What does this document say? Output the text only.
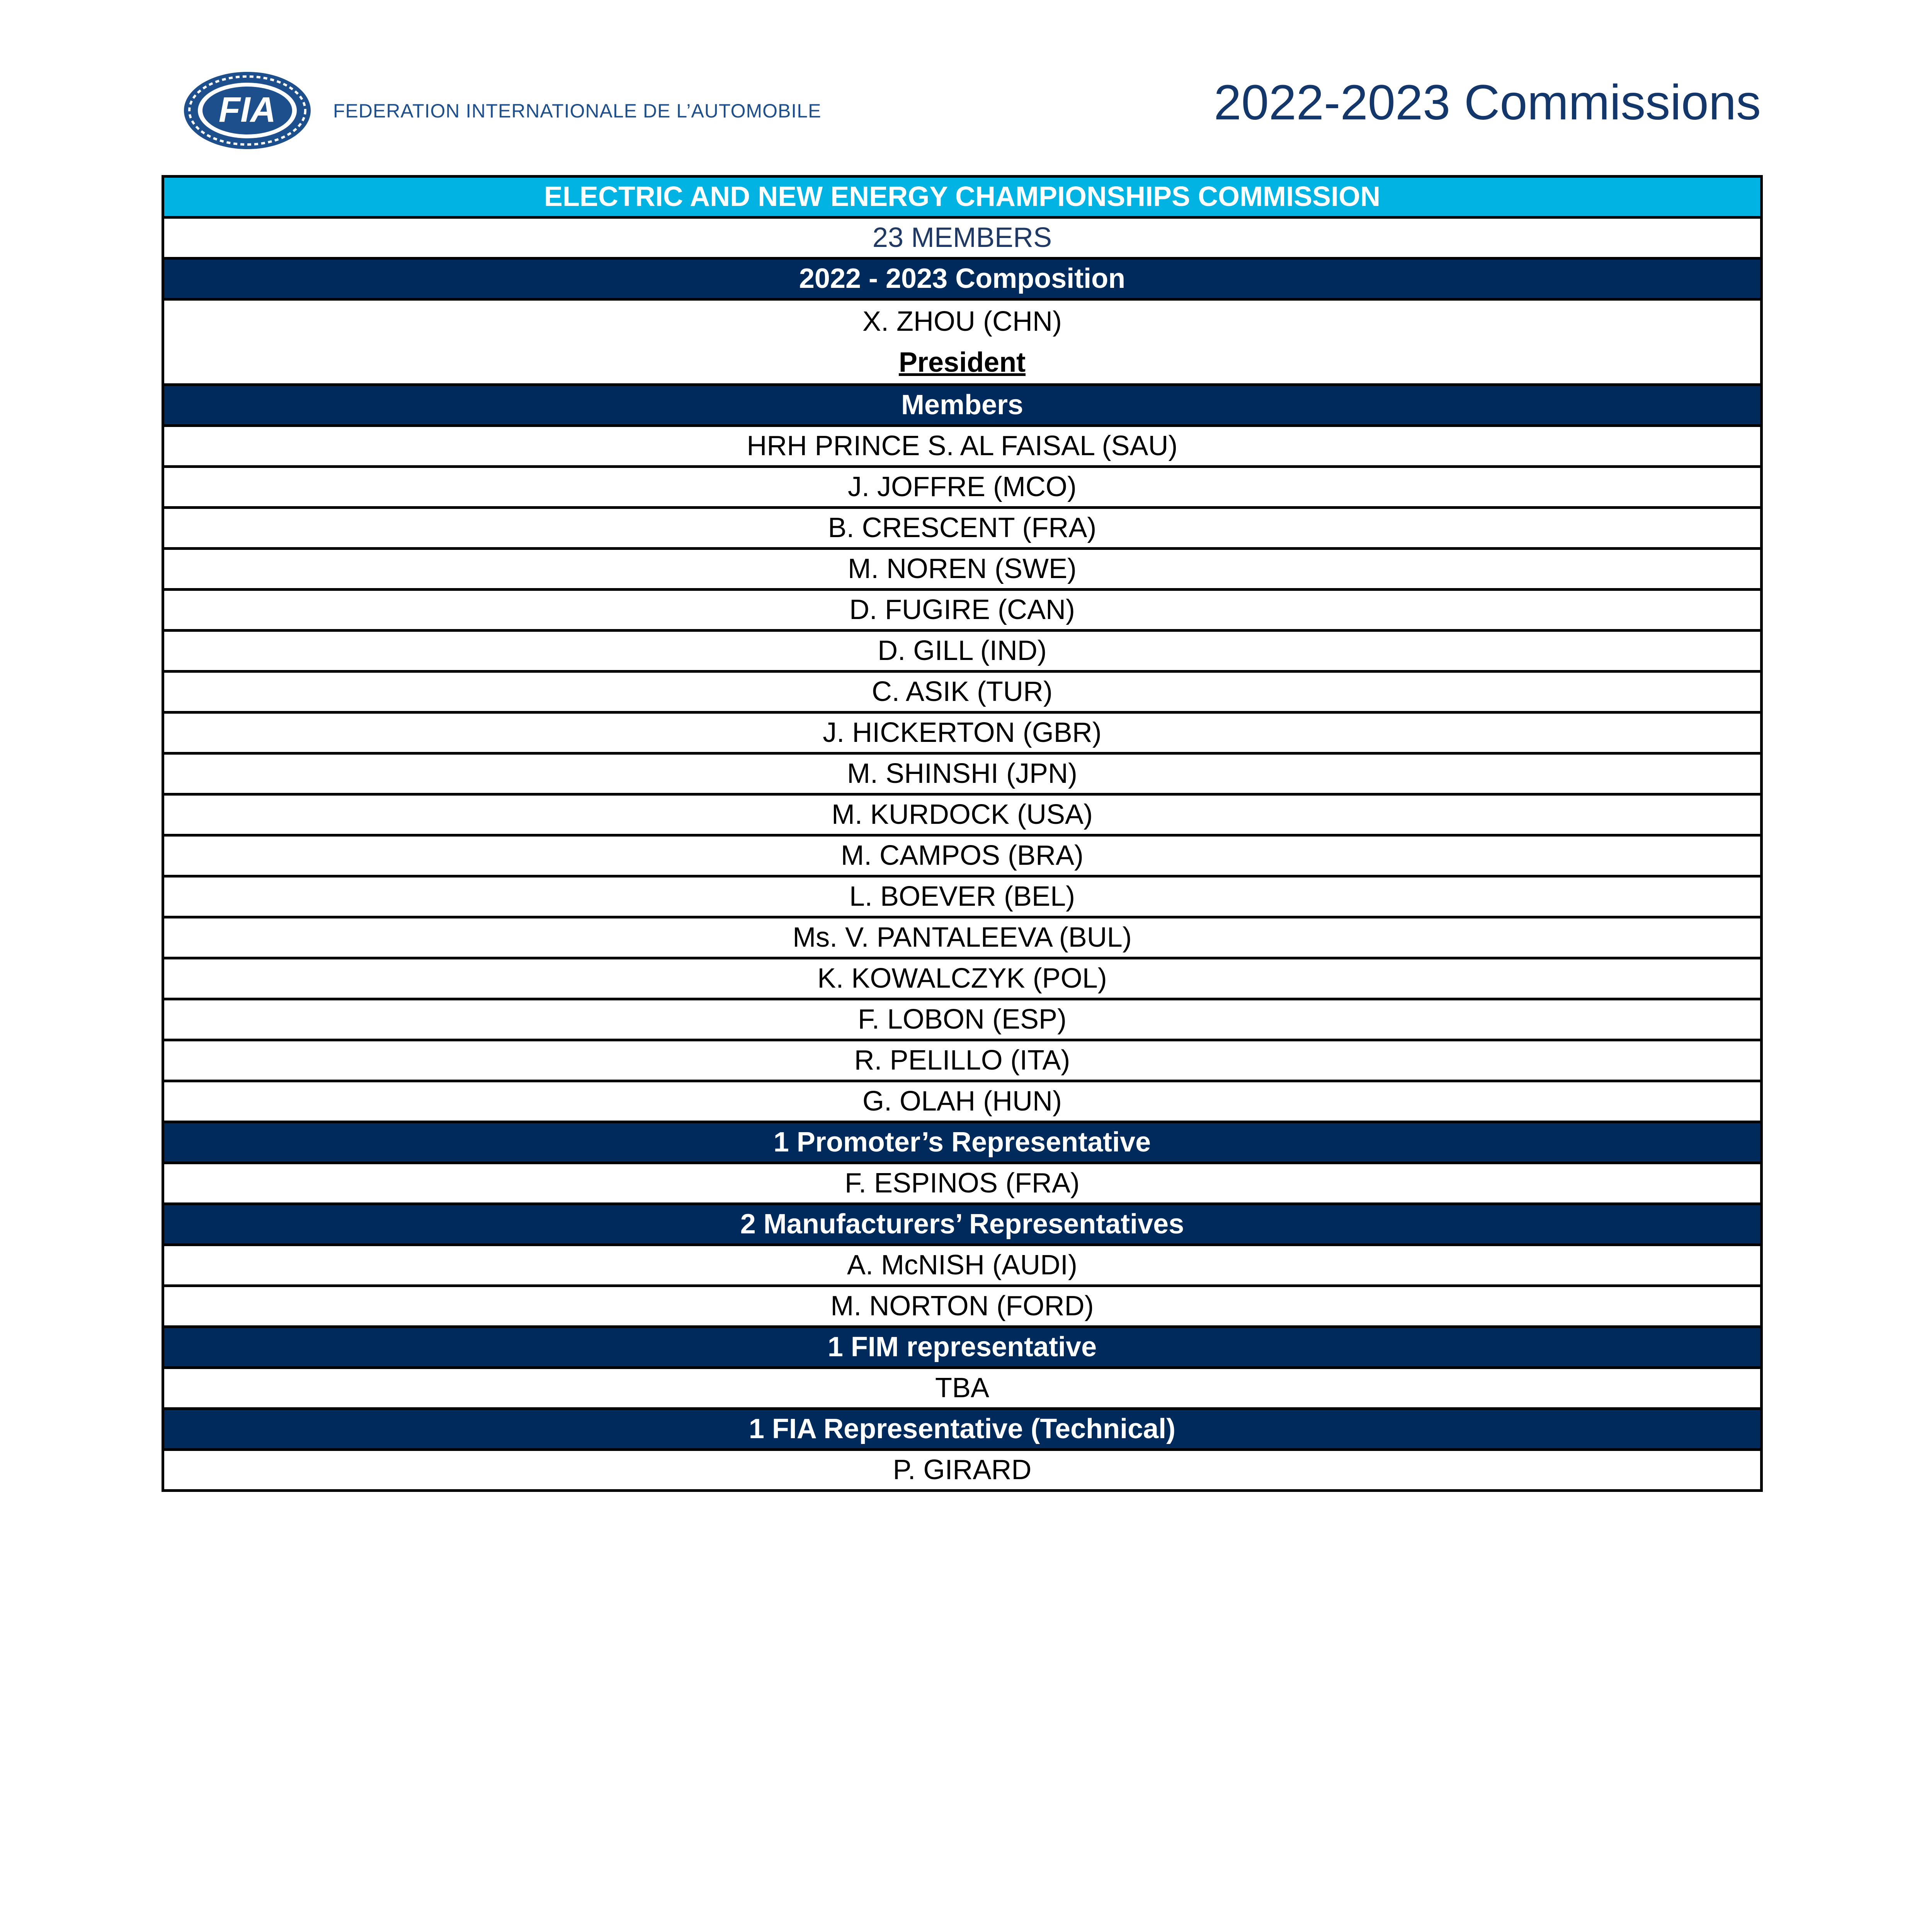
FIA	FEDERATION INTERNATIONALE DE L’AUTOMOBILE	2022-2023 Commissions
ELECTRIC AND NEW ENERGY CHAMPIONSHIPS COMMISSION
23 MEMBERS
2022 - 2023 Composition

X. ZHOU (CHN)
President

Members
HRH PRINCE S. AL FAISAL (SAU)
J. JOFFRE (MCO)
B. CRESCENT (FRA)
M. NOREN (SWE)
D. FUGIRE (CAN)
D. GILL (IND)
C. ASIK (TUR)
J. HICKERTON (GBR)
M. SHINSHI (JPN)
M. KURDOCK (USA)
M. CAMPOS (BRA)
L. BOEVER (BEL)
Ms. V. PANTALEEVA (BUL)
K. KOWALCZYK (POL)
F. LOBON (ESP)
R. PELILLO (ITA)
G. OLAH (HUN)
1 Promoter’s Representative
F. ESPINOS (FRA)
2 Manufacturers’ Representatives
A. McNISH (AUDI)
M. NORTON (FORD)
1 FIM representative
TBA
1 FIA Representative (Technical)
P. GIRARD
